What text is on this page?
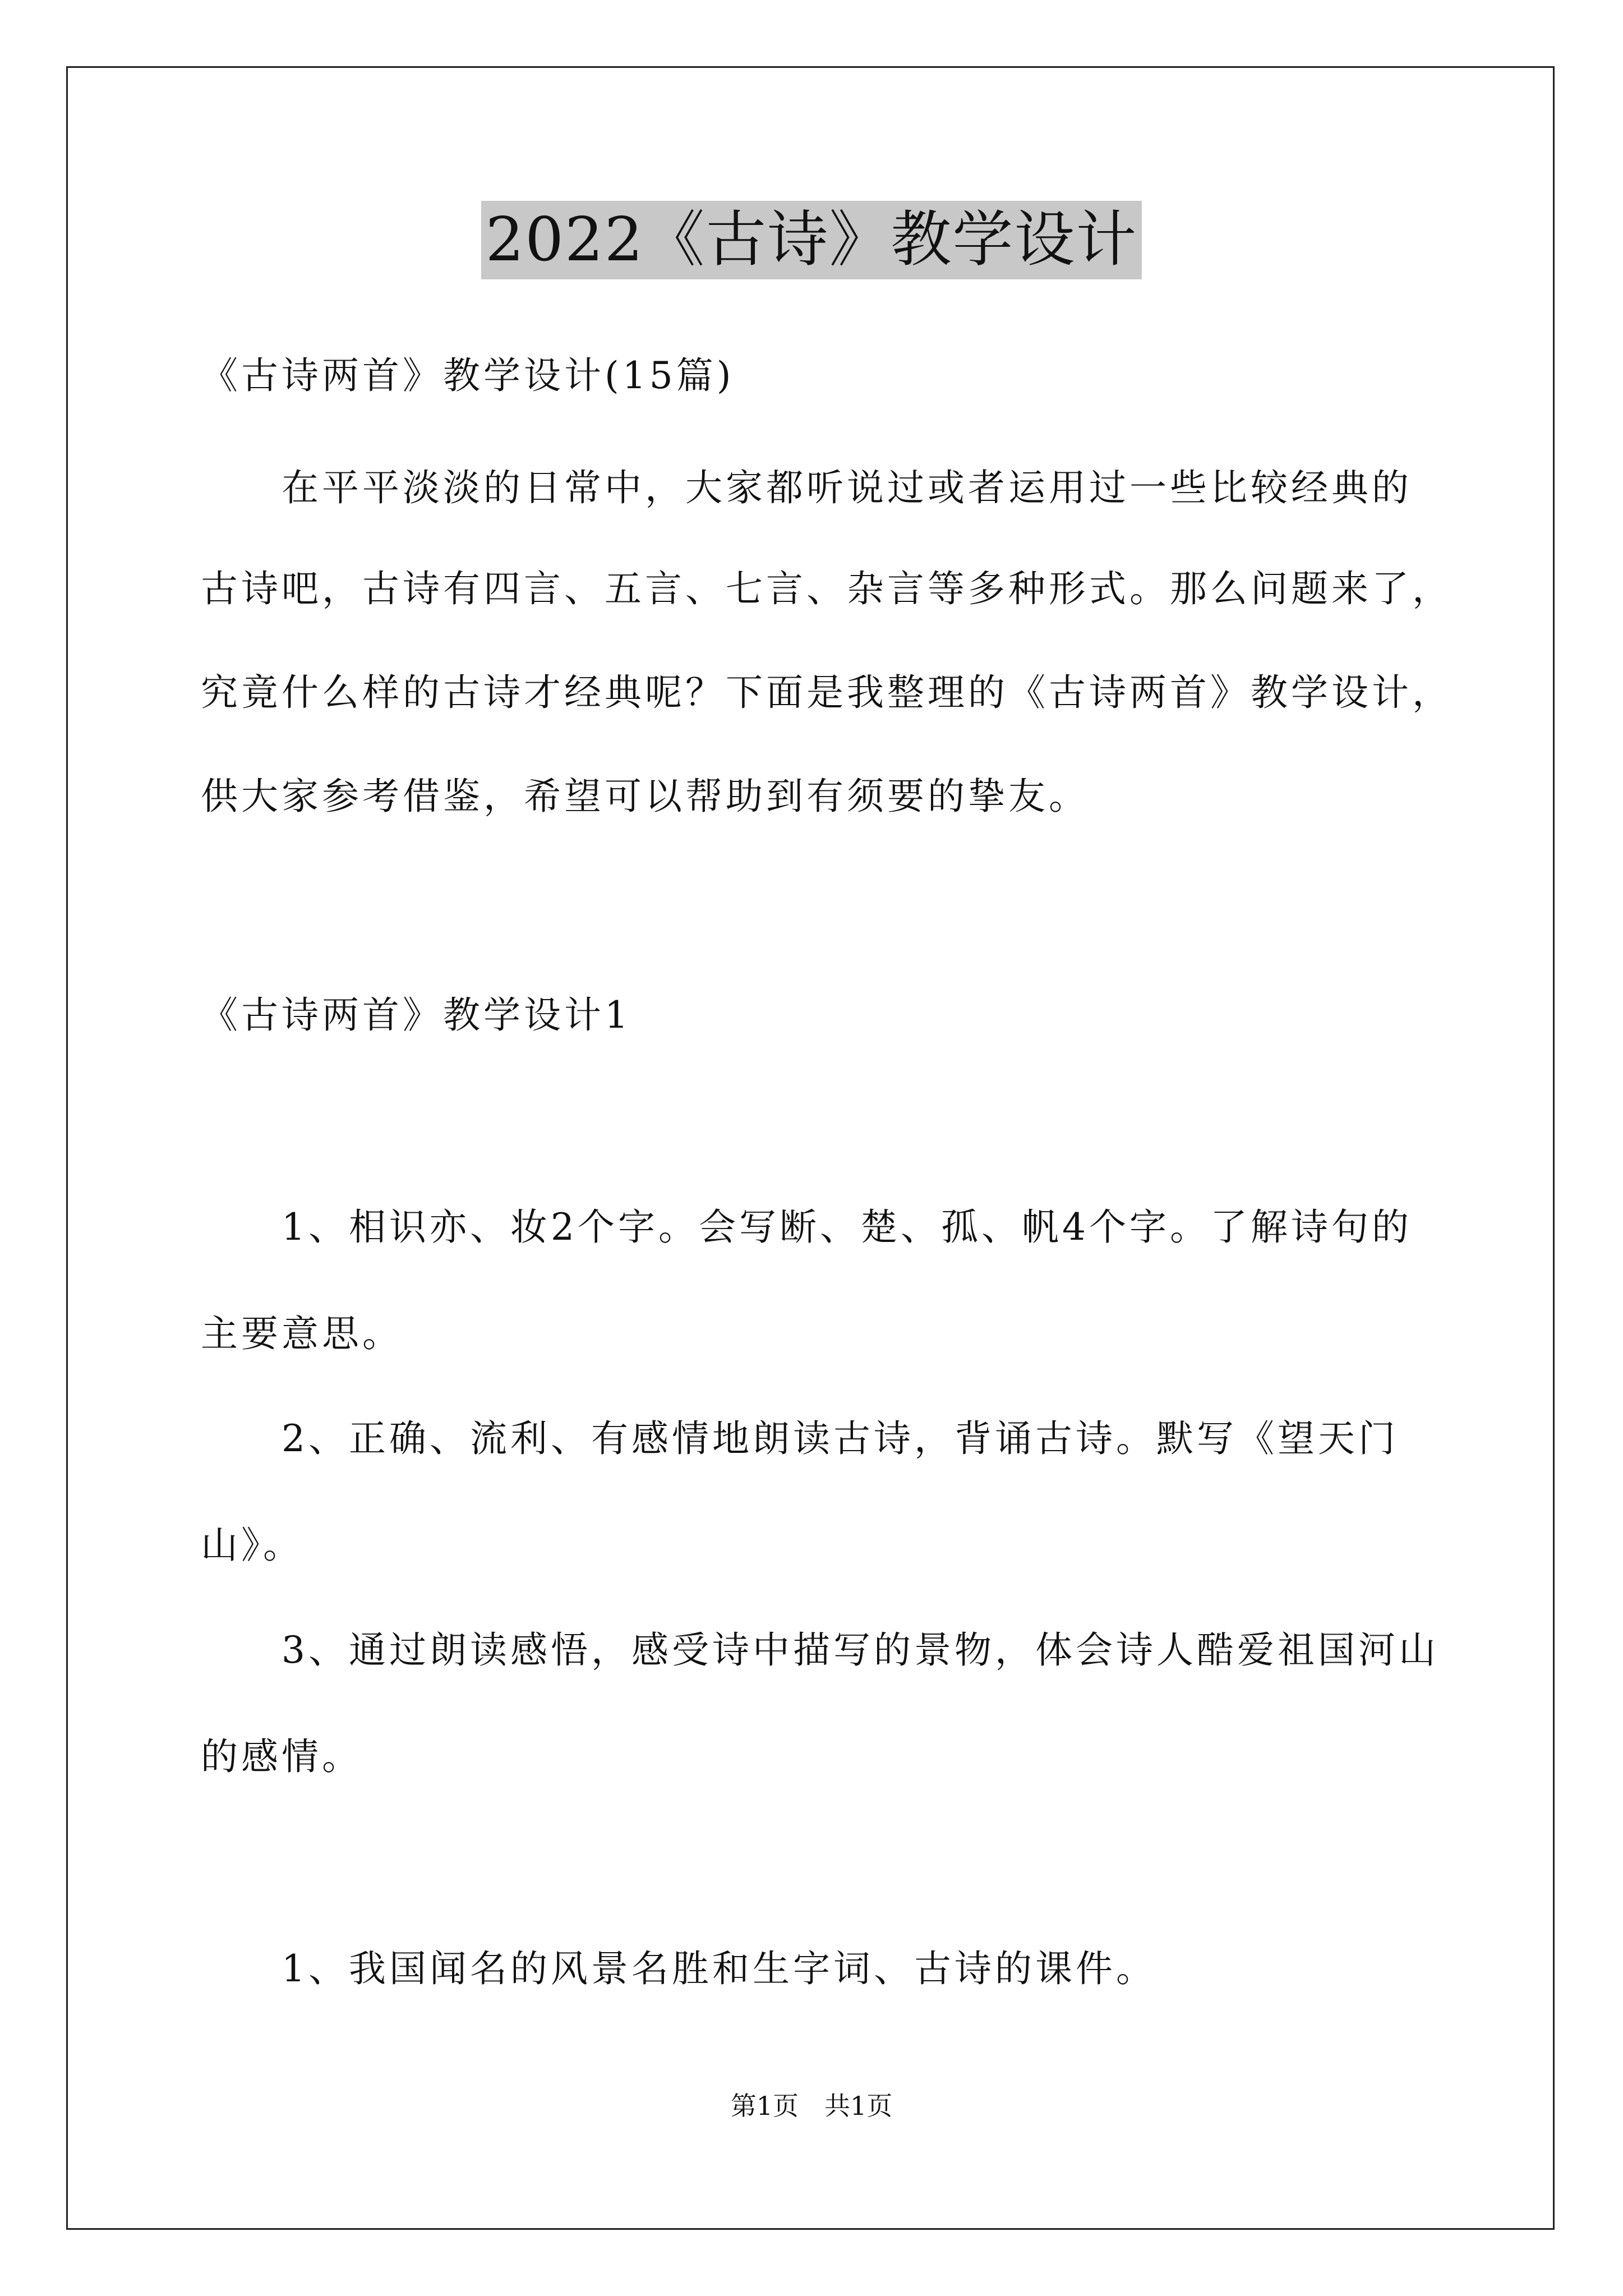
2022《古诗》教学设计
《古诗两首》教学设计(15篇)
　　在平平淡淡的日常中，大家都听说过或者运用过一些比较经典的
古诗吧，古诗有四言、五言、七言、杂言等多种形式。那么问题来了，
究竟什么样的古诗才经典呢？下面是我整理的《古诗两首》教学设计，
供大家参考借鉴，希望可以帮助到有须要的挚友。
《古诗两首》教学设计1
　　1、相识亦、妆2个字。会写断、楚、孤、帆4个字。了解诗句的
主要意思。
　　2、正确、流利、有感情地朗读古诗，背诵古诗。默写《望天门
山》。
　　3、通过朗读感悟，感受诗中描写的景物，体会诗人酷爱祖国河山
的感情。
　　1、我国闻名的风景名胜和生字词、古诗的课件。
第1页　共1页
